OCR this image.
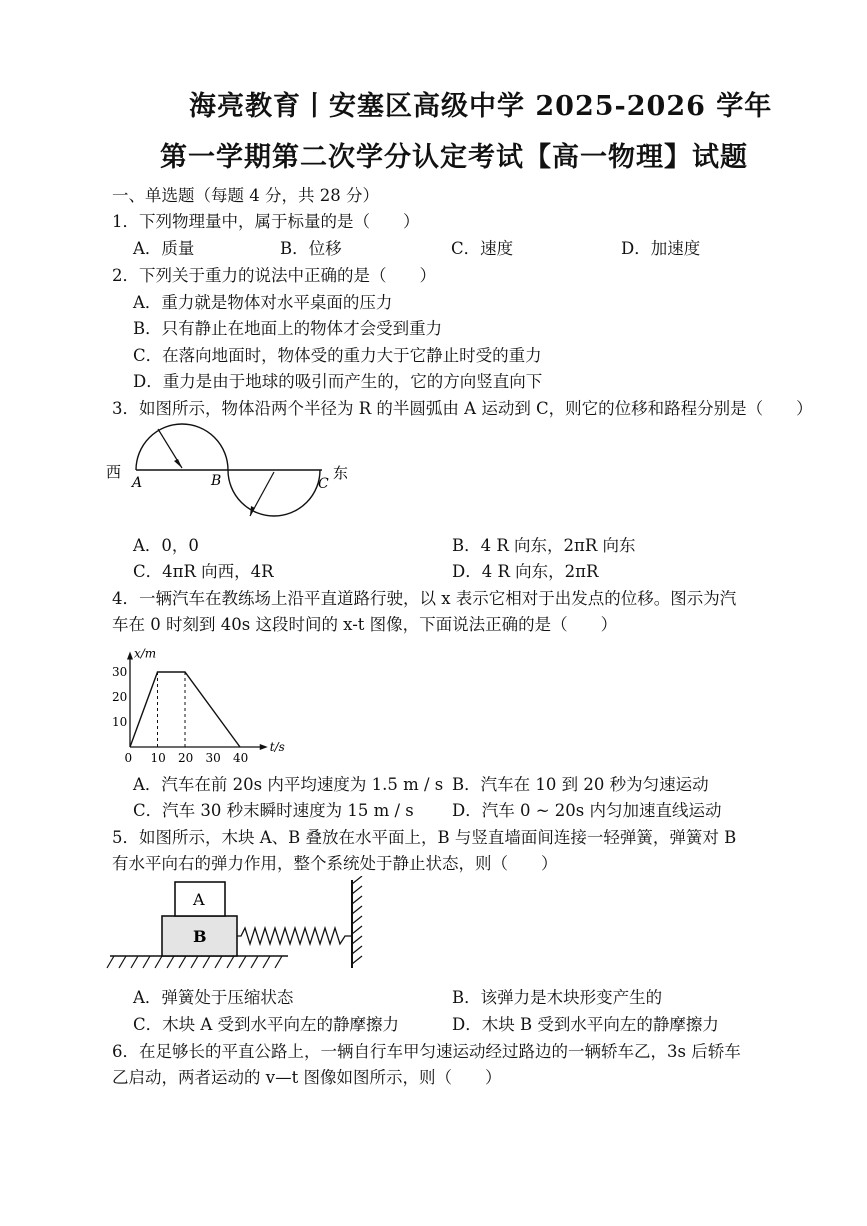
海亮教育丨安塞区高级中学 2025-2026 学年
第一学期第二次学分认定考试【高一物理】试题
一、单选题（每题 4 分，共 28 分）
1．下列物理量中，属于标量的是（　　）
A．质量	B．位移	C．速度	D．加速度
2．下列关于重力的说法中正确的是（　　）
A．重力就是物体对水平桌面的压力
B．只有静止在地面上的物体才会受到重力
C．在落向地面时，物体受的重力大于它静止时受的重力
D．重力是由于地球的吸引而产生的，它的方向竖直向下
3．如图所示，物体沿两个半径为 R 的半圆弧由 A 运动到 C，则它的位移和路程分别是（　　）
西
A	B	C
东
A．0，0	B．4 R 向东，2πR 向东
C．4πR 向西，4R	D．4 R 向东，2πR
4．一辆汽车在教练场上沿平直道路行驶，以 x 表示它相对于出发点的位移。图示为汽
车在 0 时刻到 40s 这段时间的 x-t 图像，下面说法正确的是（　　）
x/m
t/s
0 10 20 30 40
10
20
30
A．汽车在前 20s 内平均速度为 1.5 m / s B．汽车在 10 到 20 秒为匀速运动
C．汽车 30 秒末瞬时速度为 15 m / s D．汽车 0 ~ 20s 内匀加速直线运动
5．如图所示，木块 A、B 叠放在水平面上，B 与竖直墙面间连接一轻弹簧，弹簧对 B
有水平向右的弹力作用，整个系统处于静止状态，则（　　）
A
B
A．弹簧处于压缩状态	B．该弹力是木块形变产生的
C．木块 A 受到水平向左的静摩擦力	D．木块 B 受到水平向左的静摩擦力
6．在足够长的平直公路上，一辆自行车甲匀速运动经过路边的一辆轿车乙，3s 后轿车
乙启动，两者运动的 v—t 图像如图所示，则（　　）
